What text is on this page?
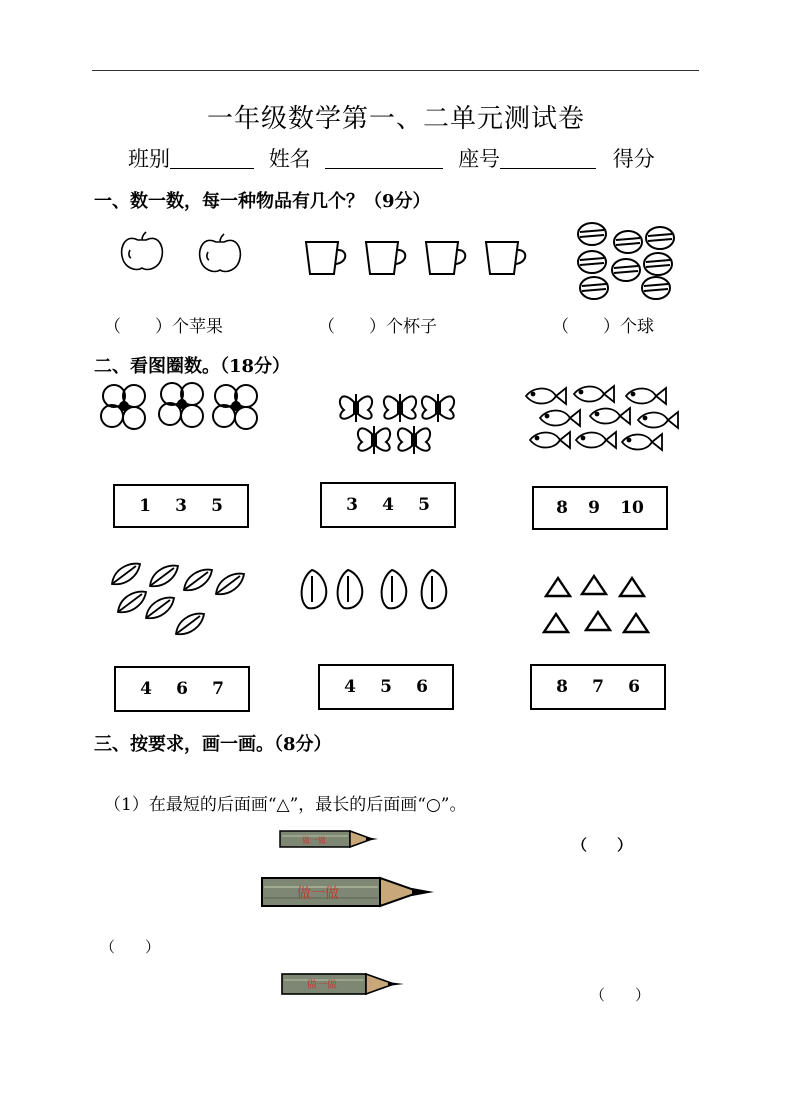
一年级数学第一、二单元测试卷
班别	姓名	座号	得分
一、数一数，每一种物品有几个？（9分）
（　　）个苹果	（　　）个杯子	（　　）个球
二、看图圈数。（18分）
1 3 5	3 4 5	8 9 10
4 6 7	4 5 6	8 7 6
三、按要求，画一画。（8分）
（1）在最短的后面画“△”，最长的后面画“○”。
做一做	（　　）
做一做
（　　）
做一做
（　　）
